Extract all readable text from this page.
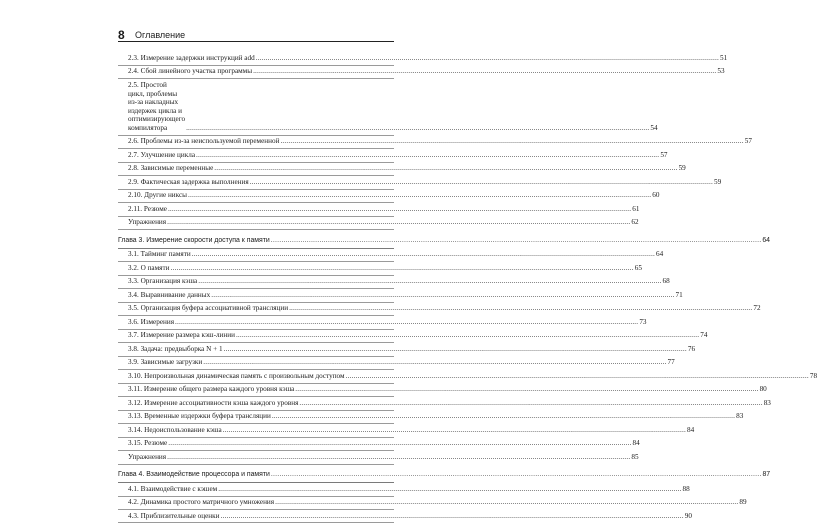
8 Оглавление
2.3. Измерение задержки инструкций add .....	51
2.4. Сбой линейного участка программы .....	53
2.5. Простой цикл, проблемы из-за накладных издержек цикла и оптимизирующего компилятора .....	54
2.6. Проблемы из-за неиспользуемой переменной .....	57
2.7. Улучшение цикла .....	57
2.8. Зависимые переменные .....	59
2.9. Фактическая задержка выполнения .....	59
2.10. Другие никсы .....	60
2.11. Резюме .....	61
Упражнения .....	62
Глава 3. Измерение скорости доступа к памяти .....	64
3.1. Тайминг памяти .....	64
3.2. О памяти .....	65
3.3. Организация кэша .....	68
3.4. Выравнивание данных .....	71
3.5. Организация буфера ассоциативной трансляции .....	72
3.6. Измерения .....	73
3.7. Измерение размера кэш-линии .....	74
3.8. Задача: предвыборка N + 1 .....	76
3.9. Зависимые загрузки .....	77
3.10. Непроизвольная динамическая память с произвольным доступом .....	78
3.11. Измерение общего размера каждого уровня кэша .....	80
3.12. Измерение ассоциативности кэша каждого уровня .....	83
3.13. Временные издержки буфера трансляции .....	83
3.14. Недоиспользование кэша .....	84
3.15. Резюме .....	84
Упражнения .....	85
Глава 4. Взаимодействие процессора и памяти .....	87
4.1. Взаимодействие с кэшем .....	88
4.2. Динамика простого матричного умножения .....	89
4.3. Приблизительные оценки .....	90
